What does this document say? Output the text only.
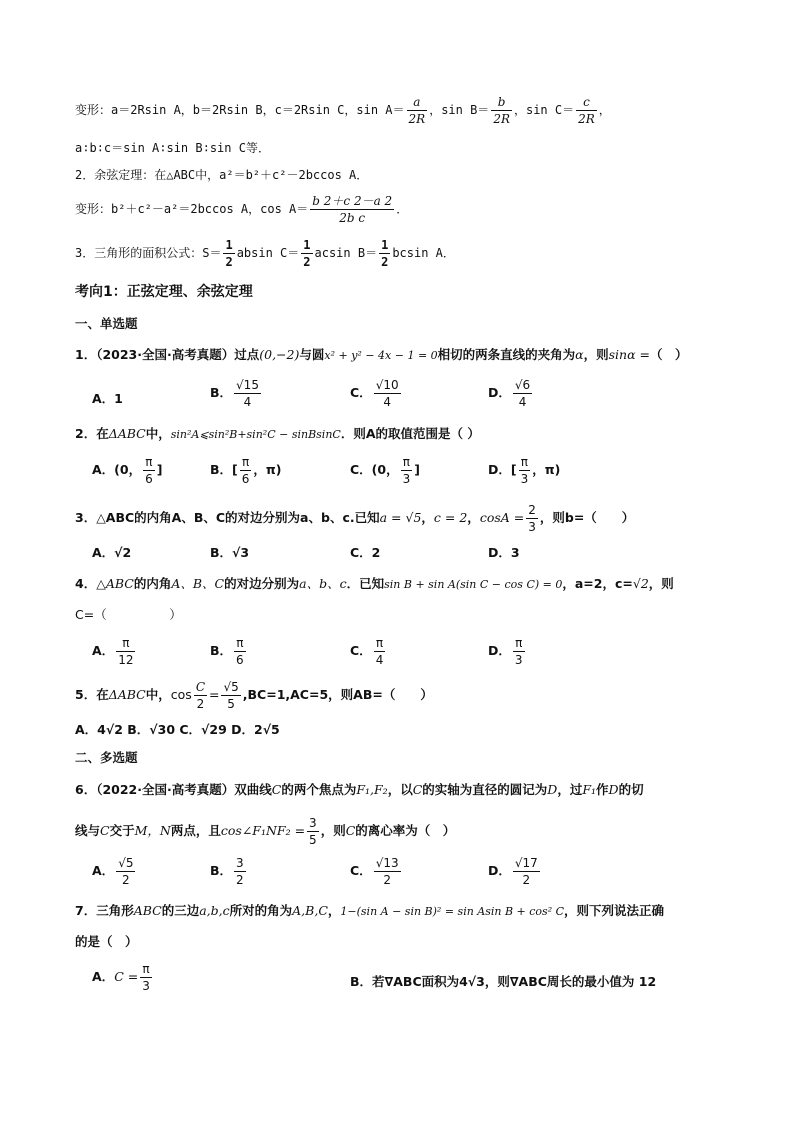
变形：a＝2Rsin A，b＝2Rsin B，c＝2Rsin C，$\sin A= \frac{a}{2R}$ ，$\sin B= \frac{b}{2R}$ ，$\sin C= \frac{c}{2R}$ ，
a∶b∶c＝sin A∶sin B∶sin C等．
2．余弦定理：在△ABC中，a²＝b²＋c²－2bccos A．
变形：b²＋c²－a²＝2bccos A，$\cos A= \frac{b 2+c 2-a 2}{\text{2b c}}$ ．
3．三角形的面积公式：$S= \frac{1}{2}$ absin $C= \frac{1}{2}$ acsin $B= \frac{1}{2}$ bcsin A．
考向1：正弦定理、余弦定理
一、单选题
1．（2023·全国·高考真题）过点(0,−2)与圆x² + y² − 4x − 1 = 0相切的两条直线的夹角为α，则sinα =（　）
A．1	B． $\frac{√15}{4}$	C． $\frac{√10}{4}$	D． $\frac{√6}{4}$
2．在ΔABC中，sin²A⩽sin²B+sin²C − sinBsinC．则A的取值范围是（ ）
A．(0， $\frac{\pi}{6}$ ]	B．[ $\frac{\pi}{6}$ ，π)	C．(0， $\frac{\pi}{3}$ ]	D．[ $\frac{\pi}{3}$ ，π)
3．△ABC的内角A、B、C的对边分别为a、b、c.已知a = √5，c = 2，$\cos A = \frac{2}{3}$ ，则b=（　　）
A．√2	B．√3	C．2	D．3
4．△ABC的内角A、B、C的对边分别为a、b、c．已知sin B + sin A(sin C − cos C) = 0，a=2，c=√2，则
C=（　　　　　）
A． $\frac{\pi}{12}$	B． $\frac{\pi}{6}$	C． $\frac{\pi}{4}$	D． $\frac{\pi}{3}$
5．在ΔABC中，$\cos \frac{C}{2} = \frac{√5}{5} ,BC=1,AC=5$，则AB=（　　）
A．4√2 B．√30 C．√29 D．2√5
二、多选题
6．（2022·全国·高考真题）双曲线C的两个焦点为F₁,F₂，以C的实轴为直径的圆记为D，过F₁作D的切
线与C交于M，N两点，且cos∠F₁NF₂ = $\frac{3}{5}$ ，则C的离心率为（　）
A． $\frac{√5}{2}$	B． $\frac{3}{2}$	C． $\frac{√13}{2}$	D． $\frac{√17}{2}$
7．三角形ABC的三边a,b,c所对的角为A,B,C，1−(sin A − sin B)² = sin Asin B + cos² C，则下列说法正确
的是（　）
A．$C = \frac{\pi}{3}$	B．若∇ABC面积为4√3，则∇ABC周长的最小值为 12
